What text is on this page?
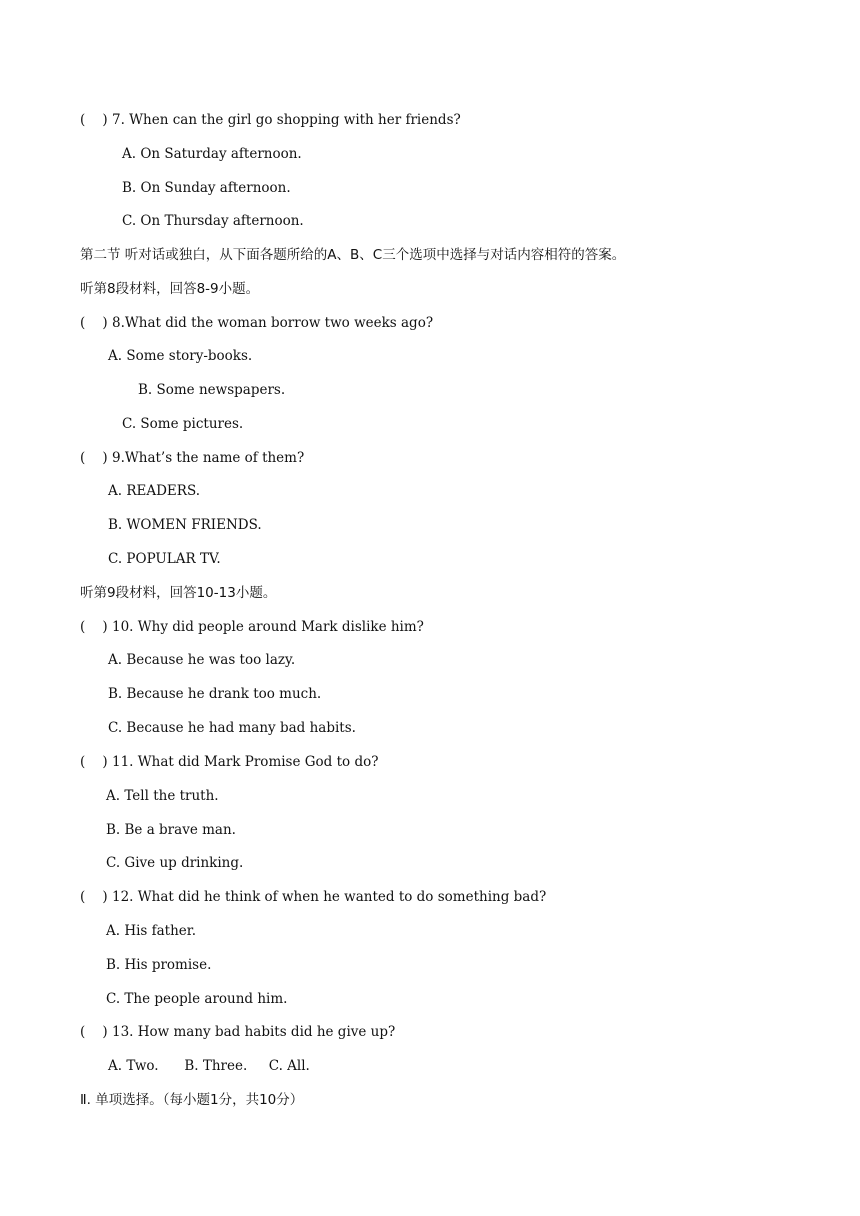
(    ) 7. When can the girl go shopping with her friends?
A. On Saturday afternoon.
B. On Sunday afternoon.
C. On Thursday afternoon.
第二节 听对话或独白，从下面各题所给的A、B、C三个选项中选择与对话内容相符的答案。
听第8段材料，回答8-9小题。
(    ) 8.What did the woman borrow two weeks ago?
A. Some story-books.
B. Some newspapers.
C. Some pictures.
(    ) 9.What’s the name of them?
A. READERS.
B. WOMEN FRIENDS.
C. POPULAR TV.
听第9段材料，回答10-13小题。
(    ) 10. Why did people around Mark dislike him?
A. Because he was too lazy.
B. Because he drank too much.
C. Because he had many bad habits.
(    ) 11. What did Mark Promise God to do?
A. Tell the truth.
B. Be a brave man.
C. Give up drinking.
(    ) 12. What did he think of when he wanted to do something bad?
A. His father.
B. His promise.
C. The people around him.
(    ) 13. How many bad habits did he give up?
A. Two.      B. Three.     C. All.
Ⅱ. 单项选择。（每小题1分，共10分）
